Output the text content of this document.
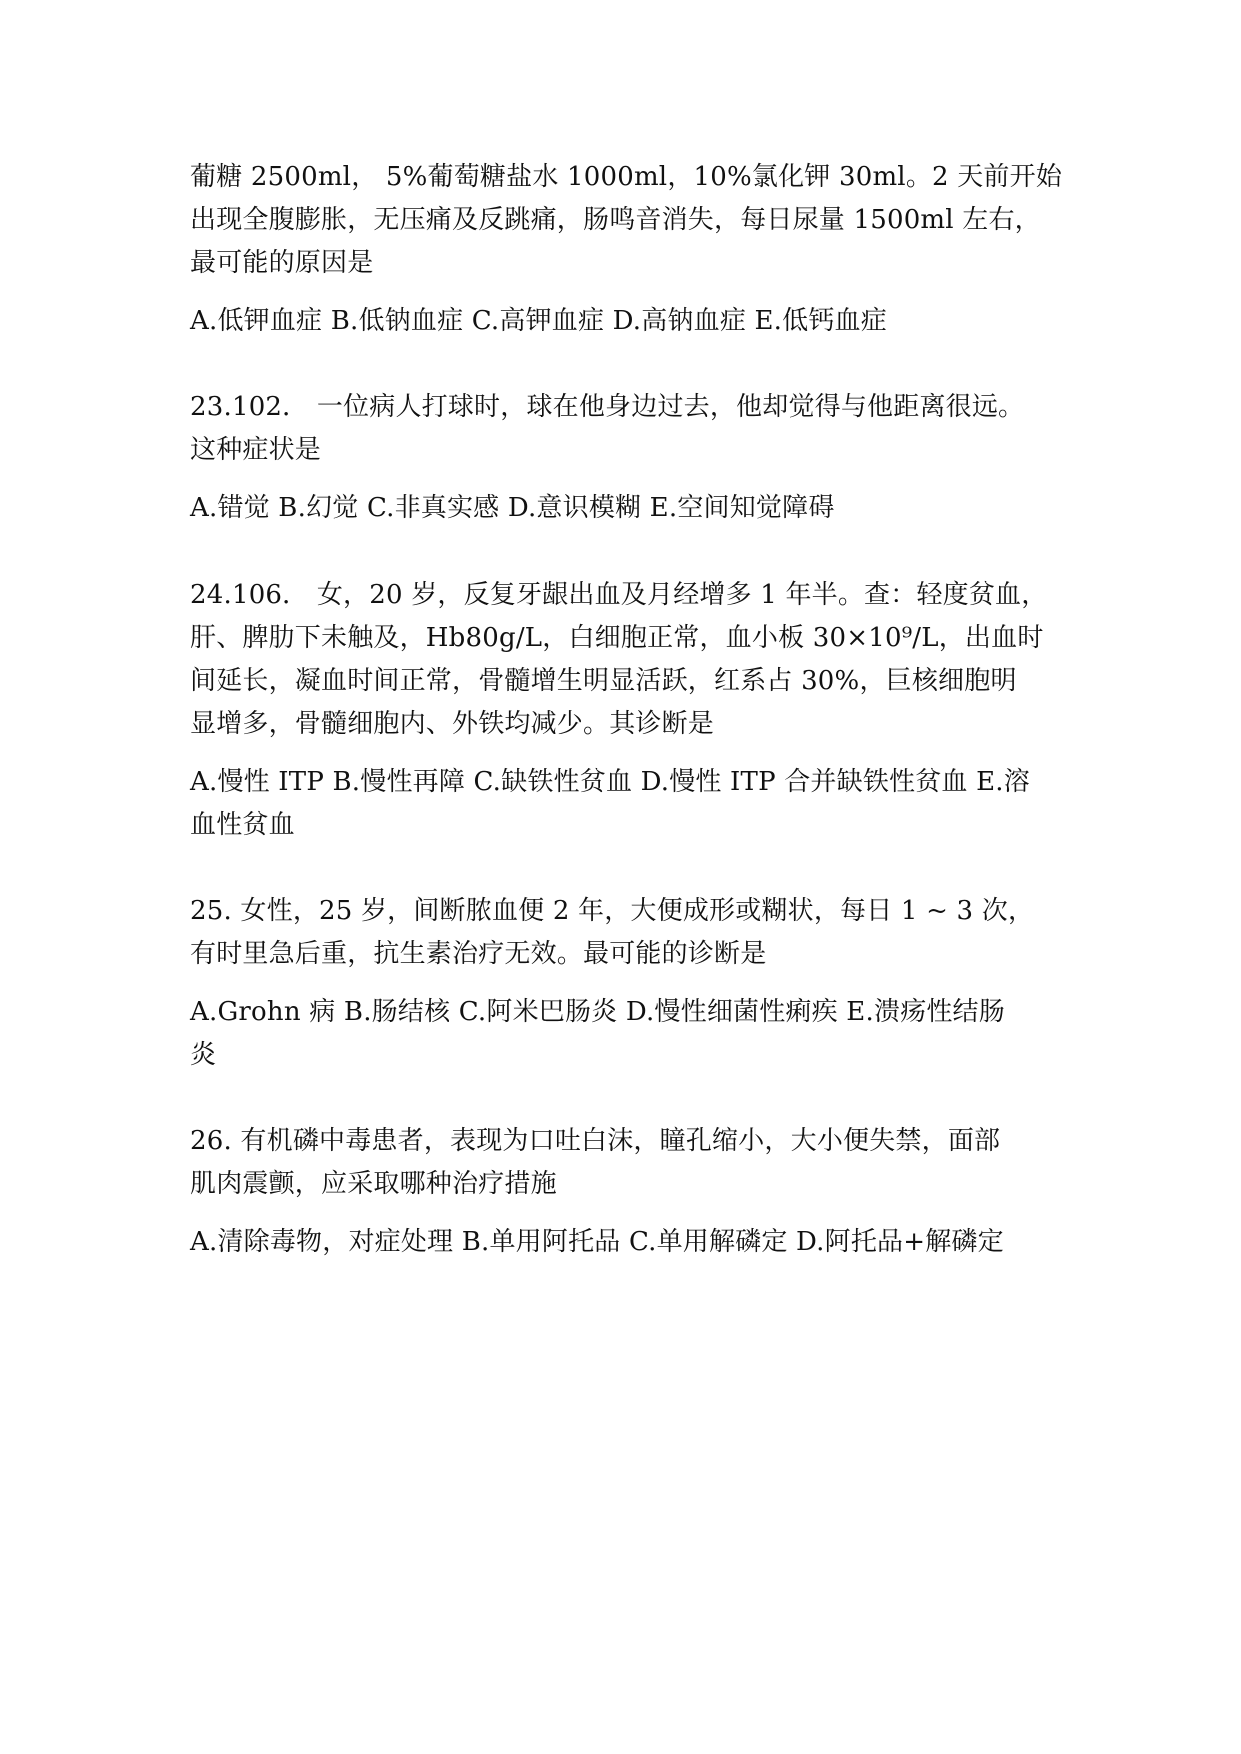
葡糖 2500ml， 5%葡萄糖盐水 1000ml，10%氯化钾 30ml。2 天前开始
出现全腹膨胀，无压痛及反跳痛，肠鸣音消失，每日尿量 1500ml 左右，
最可能的原因是
A.低钾血症 B.低钠血症 C.高钾血症 D.高钠血症 E.低钙血症
23.102． 一位病人打球时，球在他身边过去，他却觉得与他距离很远。
这种症状是
A.错觉 B.幻觉 C.非真实感 D.意识模糊 E.空间知觉障碍
24.106． 女，20 岁，反复牙龈出血及月经增多 1 年半。查：轻度贫血，
肝、脾肋下未触及，Hb80g/L，白细胞正常，血小板 30×10⁹/L，出血时
间延长，凝血时间正常，骨髓增生明显活跃，红系占 30%，巨核细胞明
显增多，骨髓细胞内、外铁均减少。其诊断是
A.慢性 ITP B.慢性再障 C.缺铁性贫血 D.慢性 ITP 合并缺铁性贫血 E.溶
血性贫血
25. 女性，25 岁，间断脓血便 2 年，大便成形或糊状，每日 1 ~ 3 次，
有时里急后重，抗生素治疗无效。最可能的诊断是
A.Grohn 病 B.肠结核 C.阿米巴肠炎 D.慢性细菌性痢疾 E.溃疡性结肠
炎
26. 有机磷中毒患者，表现为口吐白沫，瞳孔缩小，大小便失禁，面部
肌肉震颤，应采取哪种治疗措施
A.清除毒物，对症处理 B.单用阿托品 C.单用解磷定 D.阿托品+解磷定
